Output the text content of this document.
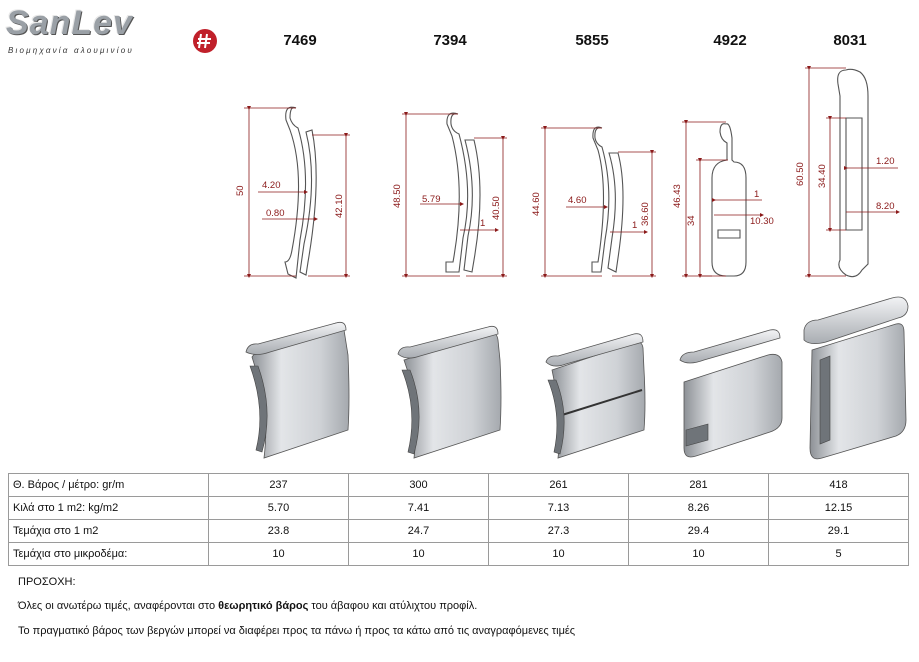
SanLev
Βιομηχανία αλουμινίου
7469	7394	5855	4922	8031
50
42.10
4.20
0.80
48.50
40.50
5.79
1
44.60	36.60
4.60
1
46.43
34
1
10.30
60.50 34.40
1.20
8.20
Θ. Βάρος / μέτρο: gr/m	237	300	261	281	418
Κιλά στο 1 m2: kg/m2	5.70	7.41	7.13	8.26	12.15
Τεμάχια στο 1 m2	23.8	24.7	27.3	29.4	29.1
Τεμάχια στο μικροδέμα:	10	10	10	10	5
ΠΡΟΣΟΧΗ:
Όλες οι ανωτέρω τιμές, αναφέρονται στο θεωρητικό βάρος του άβαφου και ατύλιχτου προφίλ.
Το πραγματικό βάρος των βεργών μπορεί να διαφέρει προς τα πάνω ή προς τα κάτω από τις αναγραφόμενες τιμές
